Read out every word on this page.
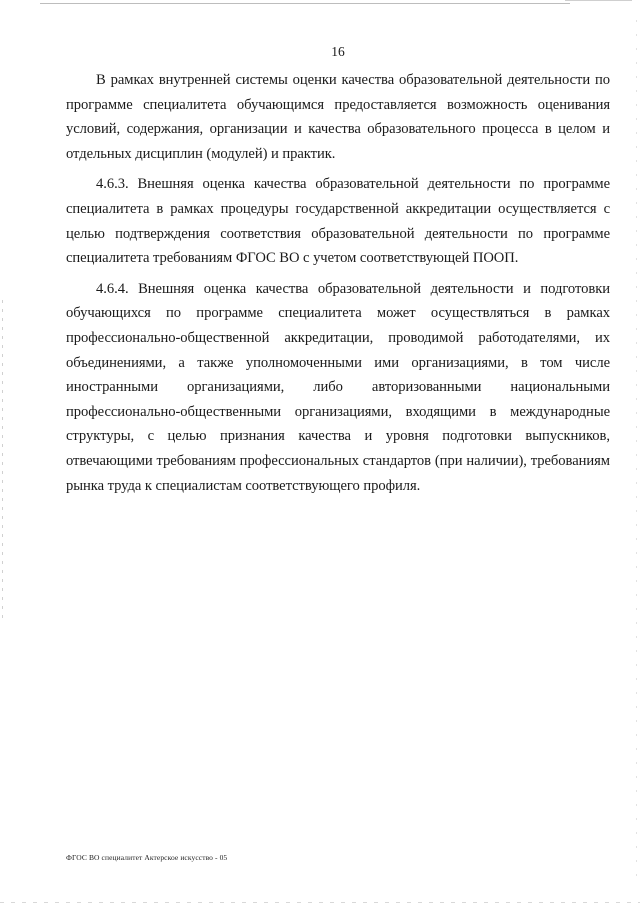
16

В рамках внутренней системы оценки качества образовательной деятельности по программе специалитета обучающимся предоставляется возможность оценивания условий, содержания, организации и качества образовательного процесса в целом и отдельных дисциплин (модулей) и практик.

4.6.3. Внешняя оценка качества образовательной деятельности по программе специалитета в рамках процедуры государственной аккредитации осуществляется с целью подтверждения соответствия образовательной деятельности по программе специалитета требованиям ФГОС ВО с учетом соответствующей ПООП.

4.6.4. Внешняя оценка качества образовательной деятельности и подготовки обучающихся по программе специалитета может осуществляться в рамках профессионально-общественной аккредитации, проводимой работодателями, их объединениями, а также уполномоченными ими организациями, в том числе иностранными организациями, либо авторизованными национальными профессионально-общественными организациями, входящими в международные структуры, с целью признания качества и уровня подготовки выпускников, отвечающими требованиям профессиональных стандартов (при наличии), требованиям рынка труда к специалистам соответствующего профиля.

ФГОС ВО специалитет Актерское искусство - 05
